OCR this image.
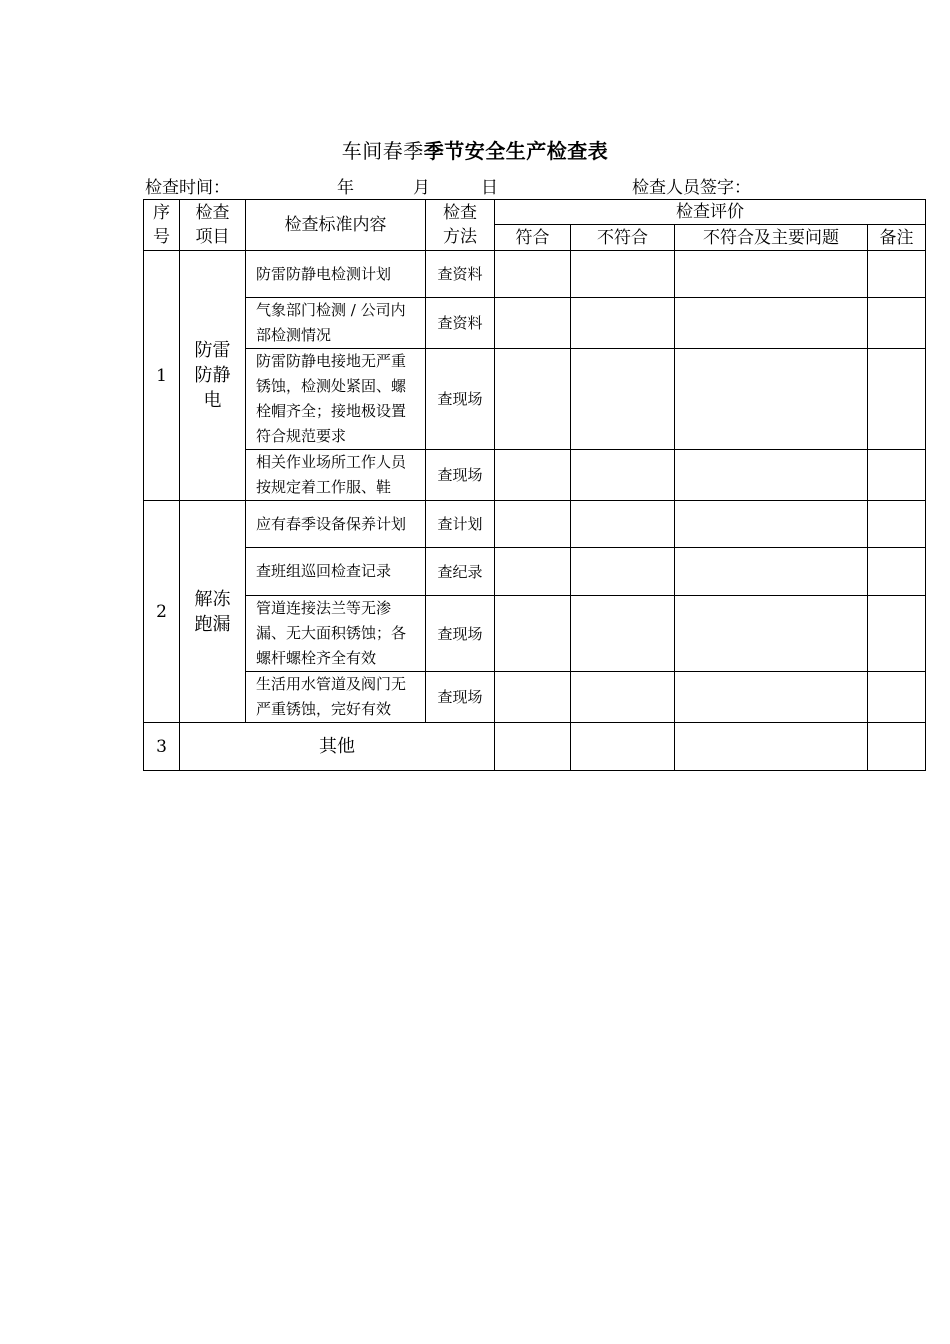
车间春季季节安全生产检查表
检查时间：	年	月	日	检查人员签字：
序号	检查项目	检查标准内容	检查方法	检查评价			
				符合	不符合	不符合及主要问题	备注
1	防雷防静电	防雷防静电检测计划	查资料				
		气象部门检测 / 公司内部检测情况	查资料				
		防雷防静电接地无严重锈蚀，检测处紧固、螺栓帽齐全；接地极设置符合规范要求	查现场				
		相关作业场所工作人员按规定着工作服、鞋	查现场				
2	解冻跑漏	应有春季设备保养计划	查计划				
		查班组巡回检查记录	查纪录				
		管道连接法兰等无渗漏、无大面积锈蚀；各螺杆螺栓齐全有效	查现场				
		生活用水管道及阀门无严重锈蚀，完好有效	查现场				
3	其他						
